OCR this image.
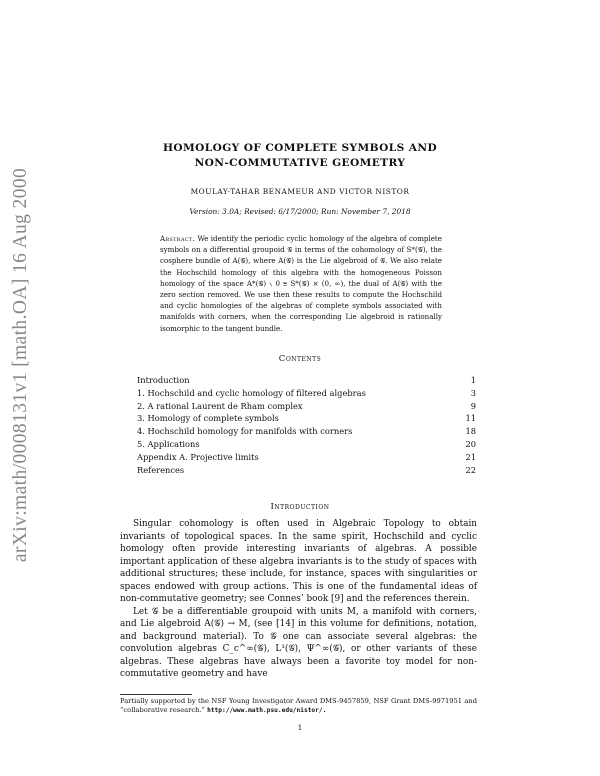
arXiv:math/0008131v1 [math.OA] 16 Aug 2000
HOMOLOGY OF COMPLETE SYMBOLS AND
NON-COMMUTATIVE GEOMETRY
MOULAY-TAHAR BENAMEUR AND VICTOR NISTOR
Version: 3.0A; Revised: 6/17/2000; Run: November 7, 2018
Abstract. We identify the periodic cyclic homology of the algebra of complete symbols on a differential groupoid 𝒢 in terms of the cohomology of S*(𝒢), the cosphere bundle of A(𝒢), where A(𝒢) is the Lie algebroid of 𝒢. We also relate the Hochschild homology of this algebra with the homogeneous Poisson homology of the space A*(𝒢) ∖ 0 ≅ S*(𝒢) × (0, ∞), the dual of A(𝒢) with the zero section removed. We use then these results to compute the Hochschild and cyclic homologies of the algebras of complete symbols associated with manifolds with corners, when the corresponding Lie algebroid is rationally isomorphic to the tangent bundle.
Contents
Introduction	1
1. Hochschild and cyclic homology of filtered algebras	3
2. A rational Laurent de Rham complex	9
3. Homology of complete symbols	11
4. Hochschild homology for manifolds with corners	18
5. Applications	20
Appendix A. Projective limits	21
References	22
Introduction

Singular cohomology is often used in Algebraic Topology to obtain invariants of topological spaces. In the same spirit, Hochschild and cyclic homology often provide interesting invariants of algebras. A possible important application of these algebra invariants is to the study of spaces with additional structures; these include, for instance, spaces with singularities or spaces endowed with group actions. This is one of the fundamental ideas of non-commutative geometry; see Connes’ book [9] and the references therein.

Let 𝒢 be a differentiable groupoid with units M, a manifold with corners, and Lie algebroid A(𝒢) → M, (see [14] in this volume for definitions, notation, and background material). To 𝒢 one can associate several algebras: the convolution algebras C_c^∞(𝒢), L¹(𝒢), Ψ^∞(𝒢), or other variants of these algebras. These algebras have always been a favorite toy model for non-commutative geometry and have

Partially supported by the NSF Young Investigator Award DMS-9457859, NSF Grant DMS-9971951 and “collaborative research.” http://www.math.psu.edu/nistor/.
1
